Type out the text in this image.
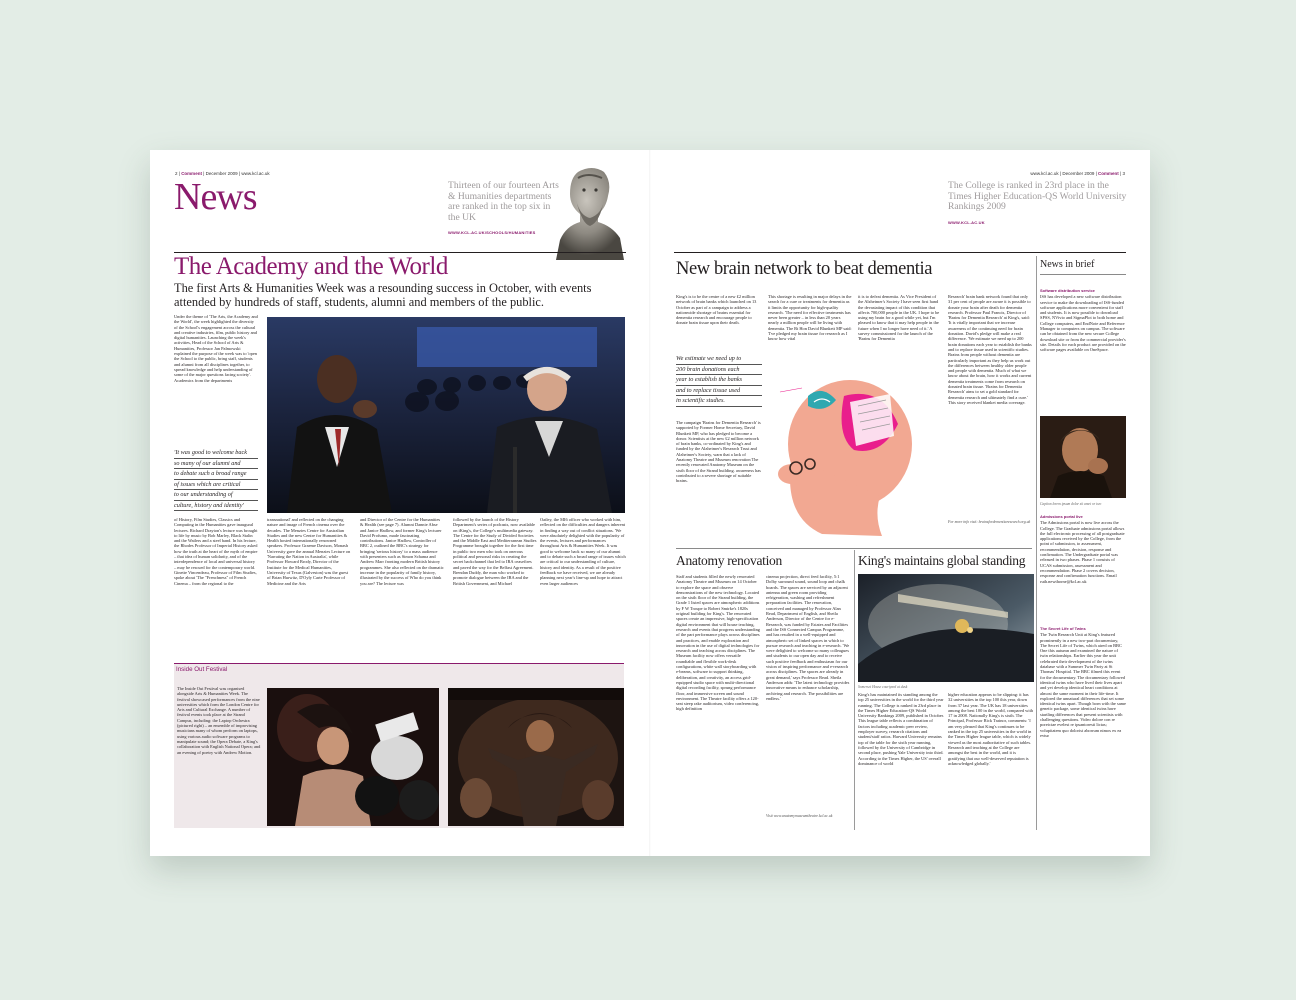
2 | Comment | December 2009 | www.kcl.ac.uk
News	Thirteen of our fourteen Arts & Humanities departments are ranked in the top six in the UK
WWW.KCL.AC.UK/SCHOOLS/HUMANITIES
The Academy and the World
The first Arts & Humanities Week was a resounding success in October, with events attended by hundreds of staff, students, alumni and members of the public.
Under the theme of 'The Arts, the Academy and the World', the week highlighted the diversity of the School's engagement across the cultural and creative industries, film, public history and digital humanities. Launching the week's activities, Head of the School of Arts & Humanities, Professor Jan Palmowski explained the purpose of the week was to 'open the School to the public, bring staff, students and alumni from all disciplines together, to spread knowledge and help understanding of some of the major questions facing society'. Academics from the departments
'It was good to welcome back
so many of our alumni and
to debate such a broad range
of issues which are critical
to our understanding of
culture, history and identity'
of History, Film Studies, Classics and Computing in the Humanities gave inaugural lectures. Richard Drayton's lecture was brought to life by music by Bob Marley, Black Stalin and the Wailers and a steel band. In his lecture, the Rhodes Professor of Imperial History asked how the truth at the heart of the myth of empire – that idea of human solidarity, and of the interdependence of local and universal history – may be rescued for the contemporary world. Ginette Vincendeau, Professor of Film Studies, spoke about 'The "Frenchness" of French Cinema – from the regional to the
transnational' and reflected on the changing nature and image of French cinema over the decades. The Menzies Centre for Australian Studies and the new Centre for Humanities & Health hosted internationally renowned speakers. Professor Graeme Davison, Monash University gave the annual Menzies Lecture on 'Narrating the Nation in Australia', while Professor Howard Brody, Director of the Institute for the Medical Humanities, University of Texas (Galveston) was the guest of Brian Hurwitz, D'Oyly Carte Professor of Medicine and the Arts
and Director of the Centre for the Humanities & Health (see page 7). Alumni Dannie Abse and Janice Hadlow, and former King's lecturer David Profumo, made fascinating contributions. Janice Hadlow, Controller of BBC 2, outlined the BBC's strategy for bringing 'serious history' to a mass audience with presenters such as Simon Schama and Andrew Marr fronting modern British history programmes. She also reflected on the dramatic increase in the popularity of family history, illustrated by the success of Who do you think you are? The lecture was
followed by the launch of the History Department's series of podcasts, now available on iKing's, the College's multimedia gateway. The Centre for the Study of Divided Societies and the Middle East and Mediterranean Studies Programme brought together for the first time in public two men who took on onerous political and personal risks in creating the secret backchannel that led to IRA ceasefires and paved the way for the Belfast Agreement. Brendan Duddy, the man who worked to promote dialogue between the IRA and the British Government, and Michael
Oatley, the MI6 officer who worked with him, reflected on the difficulties and dangers inherent in finding a way out of conflict situations. 'We were absolutely delighted with the popularity of the events, lectures and performances throughout Arts & Humanities Week. It was good to welcome back so many of our alumni and to debate such a broad range of issues which are critical to our understanding of culture, history and identity. As a result of the positive feedback we have received, we are already planning next year's line-up and hope to attract even larger audiences
Inside Out Festival
The Inside Out Festival was organised alongside Arts & Humanities Week. The festival showcased performances from the nine universities which form the London Centre for Arts and Cultural Exchange. A number of festival events took place at the Strand Campus, including: the Laptop Orchestra (pictured right) – an ensemble of improvising musicians many of whom perform on laptops, using various audio software programs to manipulate sound; the Opera Debate, a King's collaboration with English National Opera; and an evening of poetry with Andrew Motion.
www.kcl.ac.uk | December 2009 | Comment | 3
The College is ranked in 23rd place in the Times Higher Education-QS World University Rankings 2009
WWW.KCL.AC.UK
New brain network to beat dementia
King's is to be the centre of a new £2 million network of brain banks which launched on 13 October as part of a campaign to address a nationwide shortage of brains essential for dementia research and encourage people to donate brain tissue upon their death.
We estimate we need up to
200 brain donations each
year to establish the banks
and to replace tissue used
in scientific studies.
The campaign 'Brains for Dementia Research' is supported by Former Home Secretary, David Blunkett MP, who has pledged to become a donor. Scientists at the new £2 million network of brain banks, co-ordinated by King's and funded by the Alzheimer's Research Trust and Alzheimer's Society, warn that a lack of Anatomy Theatre and Museum renovation The recently renovated Anatomy Museum on the sixth floor of the Strand building. awareness has contributed to a severe shortage of suitable brains.
This shortage is resulting in major delays in the search for a cure or treatments for dementia as it limits the opportunity for high-quality research. 'The need for effective treatments has never been greater – in less than 20 years nearly a million people will be living with dementia. The Rt Hon David Blunkett MP said: 'I've pledged my brain tissue for research as I know how vital
it is to defeat dementia. As Vice President of the Alzheimer's Society I have seen first hand the devastating impact of this condition that affects 700,000 people in the UK. I hope to be using my brain for a good while yet, but I'm pleased to know that it may help people in the future when I no longer have need of it.' A survey commissioned for the launch of the 'Brains for Dementia
Research' brain bank network found that only 31 per cent of people are aware it is possible to donate your brain after death for dementia research. Professor Paul Francis, Director of 'Brains for Dementia Research' at King's, said: 'It is vitally important that we increase awareness of the continuing need for brain donation. David's pledge will make a real difference. 'We estimate we need up to 200 brain donations each year to establish the banks and to replace tissue used in scientific studies. Brains from people without dementia are particularly important as they help us work out the differences between healthy older people and people with dementia. Much of what we know about the brain, how it works and current dementia treatments come from research on donated brain tissue. 'Brains for Dementia Research' aims to set a gold standard for dementia research and ultimately find a cure.' This story received blanket media coverage.
For more info visit: brainsfordementiaresearch.org.uk
Anatomy renovation
Staff and students filled the newly renovated Anatomy Theatre and Museum on 14 October to explore the space and observe demonstrations of the new technology. Located on the sixth floor of the Strand building, the Grade 1 listed spaces are atmospheric additions by F W Troupe to Robert Smirke's 1820s original building for King's. The renovated spaces create an impressive, high-specification digital environment that will house teaching, research and events that progress understanding of the part performance plays across disciplines and practices, and enable exploration and innovation in the use of digital technologies for research and teaching across disciplines. The Museum facility now offers versatile roundtable and flexible work-desk configurations, white wall storyboarding with e-beams, software to support thinking, deliberation, and creativity, an access grid-equipped studio space with multi-directional digital recording facility, sprung performance floor, and immersive screen and sound environment. The Theatre facility offers a 120-seat steep rake auditorium, video conferencing, high definition
cinema projection, direct feed facility, 5:1 Dolby surround sound, sound loop and chalk boards. The spaces are serviced by an adjacent antenna and green room providing refrigeration, washing and refreshment preparation facilities. The renovation, conceived and managed by Professor Alan Read, Department of English, and Sheila Anderson, Director of the Centre for e-Research, was funded by Estates and Facilities and the ISS Connected Campus Programme, and has resulted in a well-equipped and atmospheric set of linked spaces in which to pursue research and teaching in e-research. 'We were delighted to welcome so many colleagues and students to our open day and to receive such positive feedback and enthusiasm for our vision of inspiring performance and e-research across disciplines. The spaces are already in great demand,' says Professor Read. Sheila Anderson adds: 'The latest technology provides innovative means to enhance scholarship, archiving and research. The possibilities are endless.'
Visit www.anatomymuseumtheatre.kcl.ac.uk
King's maintains global standing
Somerset House courtyard at dusk
King's has maintained its standing among the top 25 universities in the world for the third year running. The College is ranked in 23rd place in the Times Higher Education-QS World University Rankings 2009, published in October. This league table reflects a combination of factors including academic peer review, employer survey, research citations and student/staff ratios. Harvard University remains top of the table for the sixth year running, followed by the University of Cambridge in second place, pushing Yale University into third. According to the Times Higher, the US' overall dominance of world
higher education appears to be slipping: it has 32 universities in the top 100 this year, down from 37 last year. The UK has 18 universities among the best 100 in the world, compared with 17 in 2008. Nationally King's is sixth. The Principal, Professor Rick Trainor, comments: 'I am very pleased that King's continues to be ranked in the top 25 universities in the world in the Times Higher league table, which is widely viewed as the most authoritative of such tables. Research and teaching at the College are amongst the best in the world, and it is gratifying that our well-deserved reputation is acknowledged globally.'
News in brief
Software distribution service
ISS has developed a new software distribution service to make the downloading of ISS-funded software applications more convenient for staff and students. It is now possible to download SPSS, NVivio and SigmaPlot to both home and College computers, and EndNote and Reference Manager to computers on campus. The software can be obtained from the new secure College download site or from the commercial provider's site. Details for each product are provided on the software pages available on OneSpace.
Caption lorem ipsum dolor sit amet or two
Admissions portal live
The Admissions portal is now live across the College. The Graduate admissions portal allows the full electronic processing of all postgraduate applications received by the College, from the point of submission, to assessment, recommendation, decision, response and confirmation. The Undergraduate portal was released in two phases. Phase 1 consists of UCAS submission, assessment and recommendation. Phase 2 covers decision, response and confirmation functions. Email ruth.newthorne@kcl.ac.uk
The Secret Life of Twins
The Twin Research Unit at King's featured prominently in a new two-part documentary, The Secret Life of Twins, which aired on BBC One this autumn and examined the nature of twin relationships. Earlier this year the unit celebrated their development of the twins database with a Summer Twin Party at St Thomas' Hospital. The BBC filmed this event for the documentary. The documentary followed identical twins who have lived their lives apart and yet develop identical heart conditions at almost the same moment in their life-time. It explored the unnatural differences that set some identical twins apart. Though born with the same genetic package, some identical twins have startling differences that present scientists with challenging questions. Video dolore con re poreictae evelest re ipsantoresti lictas; volupitatem quo dolorist aborrum nimos ex ea evtur
